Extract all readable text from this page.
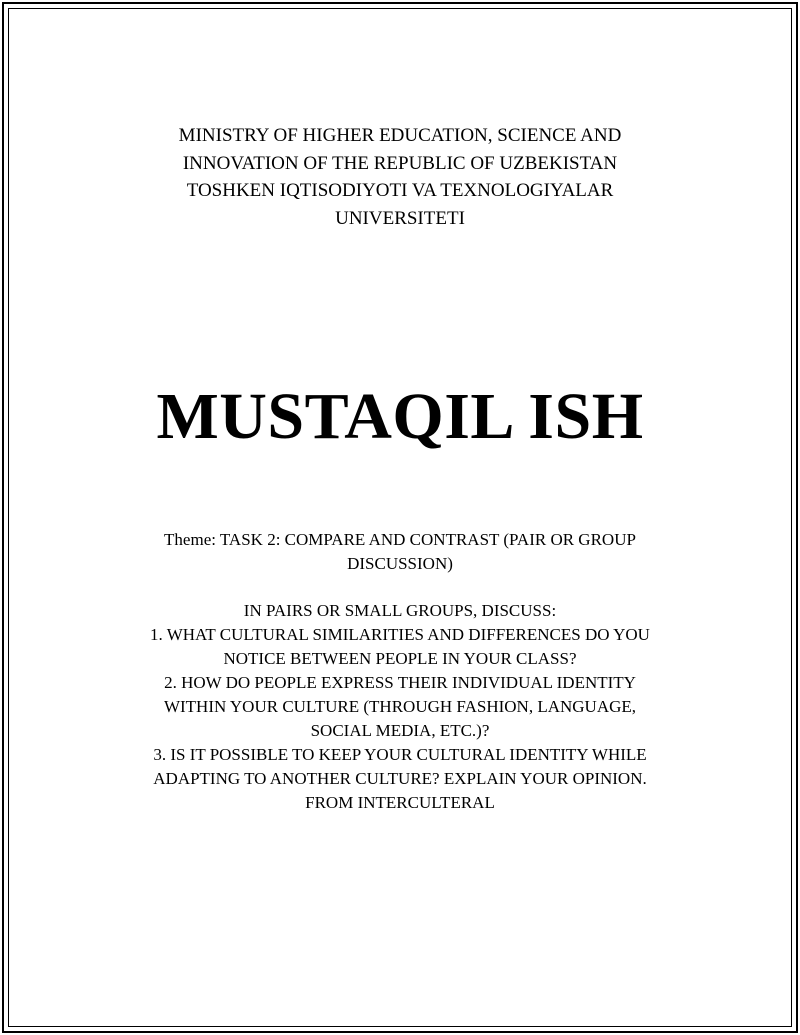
MINISTRY OF HIGHER EDUCATION, SCIENCE AND
INNOVATION OF THE REPUBLIC OF UZBEKISTAN
TOSHKEN IQTISODIYOTI VA TEXNOLOGIYALAR
UNIVERSITETI
MUSTAQIL ISH
Theme: TASK 2: COMPARE AND CONTRAST (PAIR OR GROUP
DISCUSSION)
IN PAIRS OR SMALL GROUPS, DISCUSS:
1. WHAT CULTURAL SIMILARITIES AND DIFFERENCES DO YOU
NOTICE BETWEEN PEOPLE IN YOUR CLASS?
2. HOW DO PEOPLE EXPRESS THEIR INDIVIDUAL IDENTITY
WITHIN YOUR CULTURE (THROUGH FASHION, LANGUAGE,
SOCIAL MEDIA, ETC.)?
3. IS IT POSSIBLE TO KEEP YOUR CULTURAL IDENTITY WHILE
ADAPTING TO ANOTHER CULTURE? EXPLAIN YOUR OPINION.
FROM INTERCULTERAL
